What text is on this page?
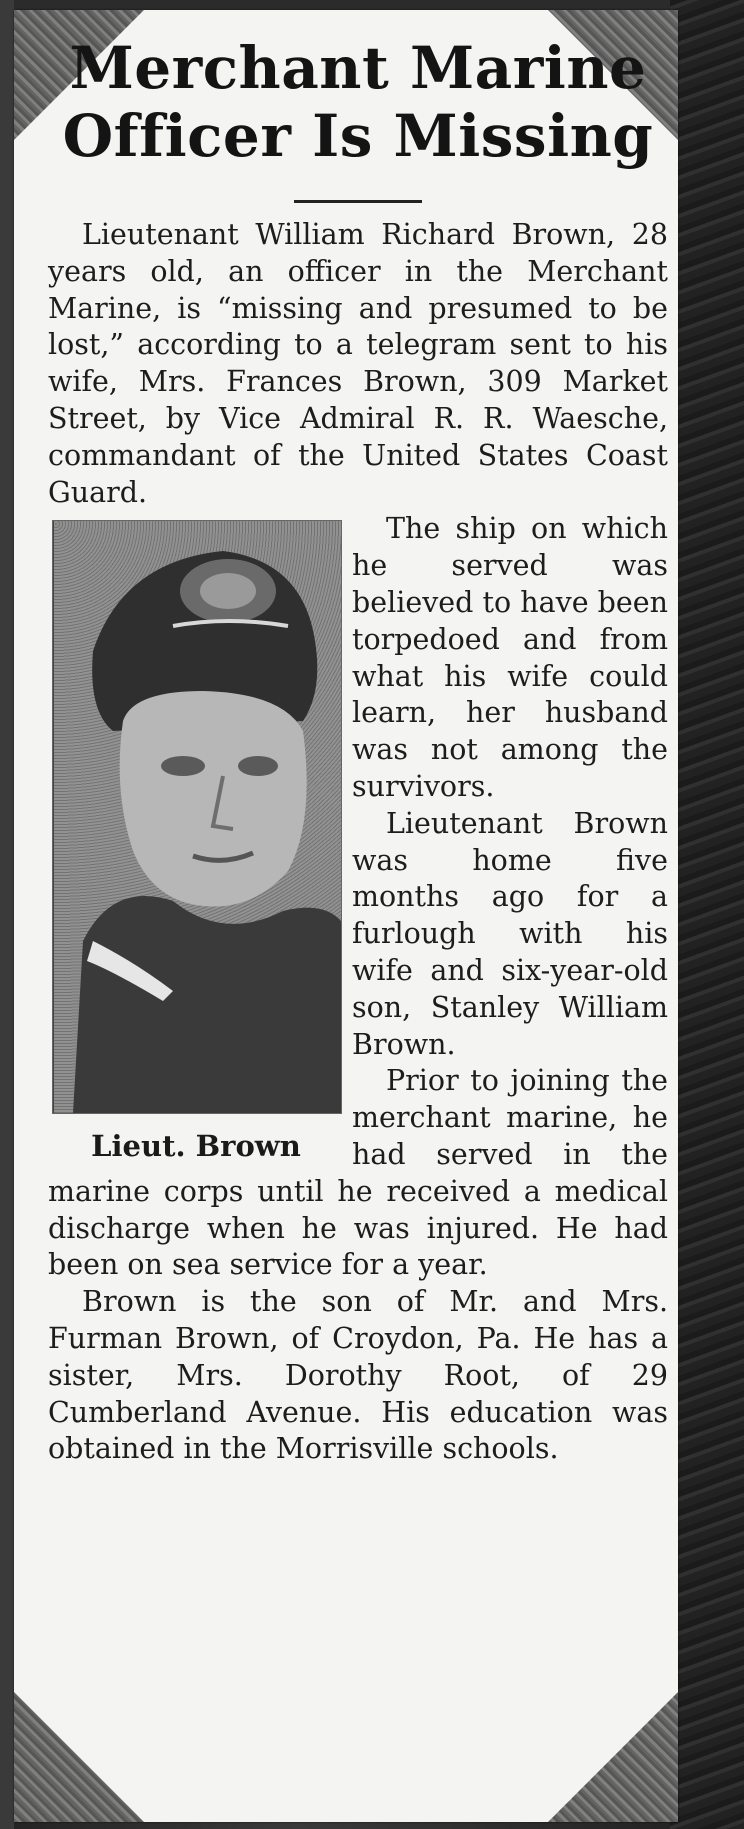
Merchant Marine
Officer Is Missing

Lieutenant William Richard Brown, 28 years old, an officer in the Merchant Marine, is “missing and presumed to be lost,” according to a telegram sent to his wife, Mrs. Frances Brown, 309 Market Street, by Vice Admiral R. R. Waesche, commandant of the United States Coast Guard.

Lieut. Brown

The ship on which he served was believed to have been torpedoed and from what his wife could learn, her husband was not among the survivors.

Lieutenant Brown was home five months ago for a furlough with his wife and six-year-old son, Stanley William Brown.

Prior to joining the merchant marine, he had served in the marine corps until he received a medical discharge when he was injured. He had been on sea service for a year.

Brown is the son of Mr. and Mrs. Furman Brown, of Croydon, Pa. He has a sister, Mrs. Dorothy Root, of 29 Cumberland Avenue. His education was obtained in the Morrisville schools.
